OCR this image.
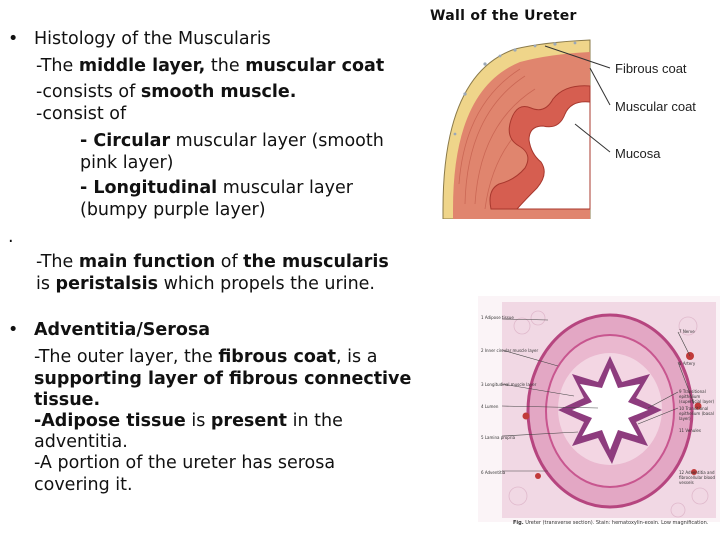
• Histology of the Muscularis
-The middle layer, the muscular coat
-consists of smooth muscle.
-consist of
- Circular muscular layer (smooth
pink layer)
- Longitudinal muscular layer
(bumpy purple layer)
.
-The main function of the muscularis
is peristalsis which propels the urine.
• Adventitia/Serosa
-The outer layer, the fibrous coat, is a
supporting layer of fibrous connective
tissue.
-Adipose tissue is present in the
adventitia.
-A portion of the ureter has serosa
covering it.
Wall of the Ureter
Fibrous coat
Muscular coat
Mucosa
1 Adipose tissue
2 Inner circular muscle layer
3 Longitudinal muscle layer
4 Lumen
5 Lamina propria
6 Adventitia
7 Nerve
8 Artery
9 Transitional epithelium (superficial layer)
10 Transitional epithelium (basal layer)
11 Venules
12 Adventitia and fibrocellular blood vessels
Fig. Ureter (transverse section). Stain: hematoxylin-eosin. Low magnification.
